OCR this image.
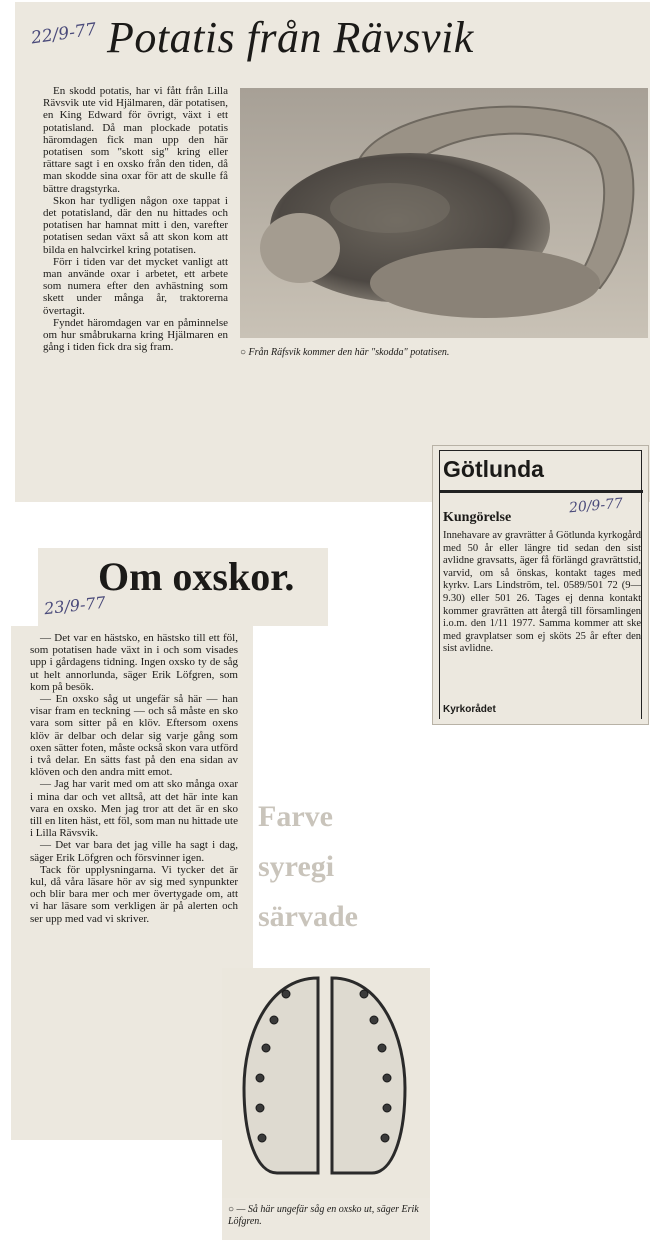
Farve
syregi
särvade
22/9-77 Potatis från Rävsvik

En skodd potatis, har vi fått från Lilla Rävsvik ute vid Hjälmaren, där potatisen, en King Edward för övrigt, växt i ett potatisland. Då man plockade potatis häromdagen fick man upp den här potatisen som "skott sig" kring eller rättare sagt i en oxsko från den tiden, då man skodde sina oxar för att de skulle få bättre dragstyrka.

Skon har tydligen någon oxe tappat i det potatisland, där den nu hittades och potatisen har hamnat mitt i den, varefter potatisen sedan växt så att skon kom att bilda en halvcirkel kring potatisen.

Förr i tiden var det mycket vanligt att man använde oxar i arbetet, ett arbete som numera efter den avhästning som skett under många år, traktorerna övertagit.

Fyndet häromdagen var en påminnelse om hur småbrukarna kring Hjälmaren en gång i tiden fick dra sig fram.	○ Från Räfsvik kommer den här "skodda" potatisen.
Götlunda
20/9-77
Kungörelse
Innehavare av gravrätter å Götlunda kyrkogård med 50 år eller längre tid sedan den sist avlidne gravsatts, äger få förlängd gravrättstid, varvid, om så önskas, kontakt tages med kyrkv. Lars Lindström, tel. 0589/501 72 (9—9.30) eller 501 26. Tages ej denna kontakt kommer gravrätten att återgå till församlingen i.o.m. den 1/11 1977. Samma kommer att ske med gravplatser som ej sköts 25 år efter den sist avlidne.
Kyrkorådet
Om oxskor.
23/9-77

— Det var en hästsko, en hästsko till ett föl, som potatisen hade växt in i och som visades upp i gårdagens tidning. Ingen oxsko ty de såg ut helt annorlunda, säger Erik Löfgren, som kom på besök.

— En oxsko såg ut ungefär så här — han visar fram en teckning — och så måste en sko vara som sitter på en klöv. Eftersom oxens klöv är delbar och delar sig varje gång som oxen sätter foten, måste också skon vara utförd i två delar. En sätts fast på den ena sidan av klöven och den andra mitt emot.

— Jag har varit med om att sko många oxar i mina dar och vet alltså, att det här inte kan vara en oxsko. Men jag tror att det är en sko till en liten häst, ett föl, som man nu hittade ute i Lilla Rävsvik.

— Det var bara det jag ville ha sagt i dag, säger Erik Löfgren och försvinner igen.

Tack för upplysningarna. Vi tycker det är kul, då våra läsare hör av sig med synpunkter och blir bara mer och mer övertygade om, att vi har läsare som verkligen är på alerten och ser upp med vad vi skriver.

○ — Så här ungefär såg en oxsko ut, säger Erik Löfgren.
